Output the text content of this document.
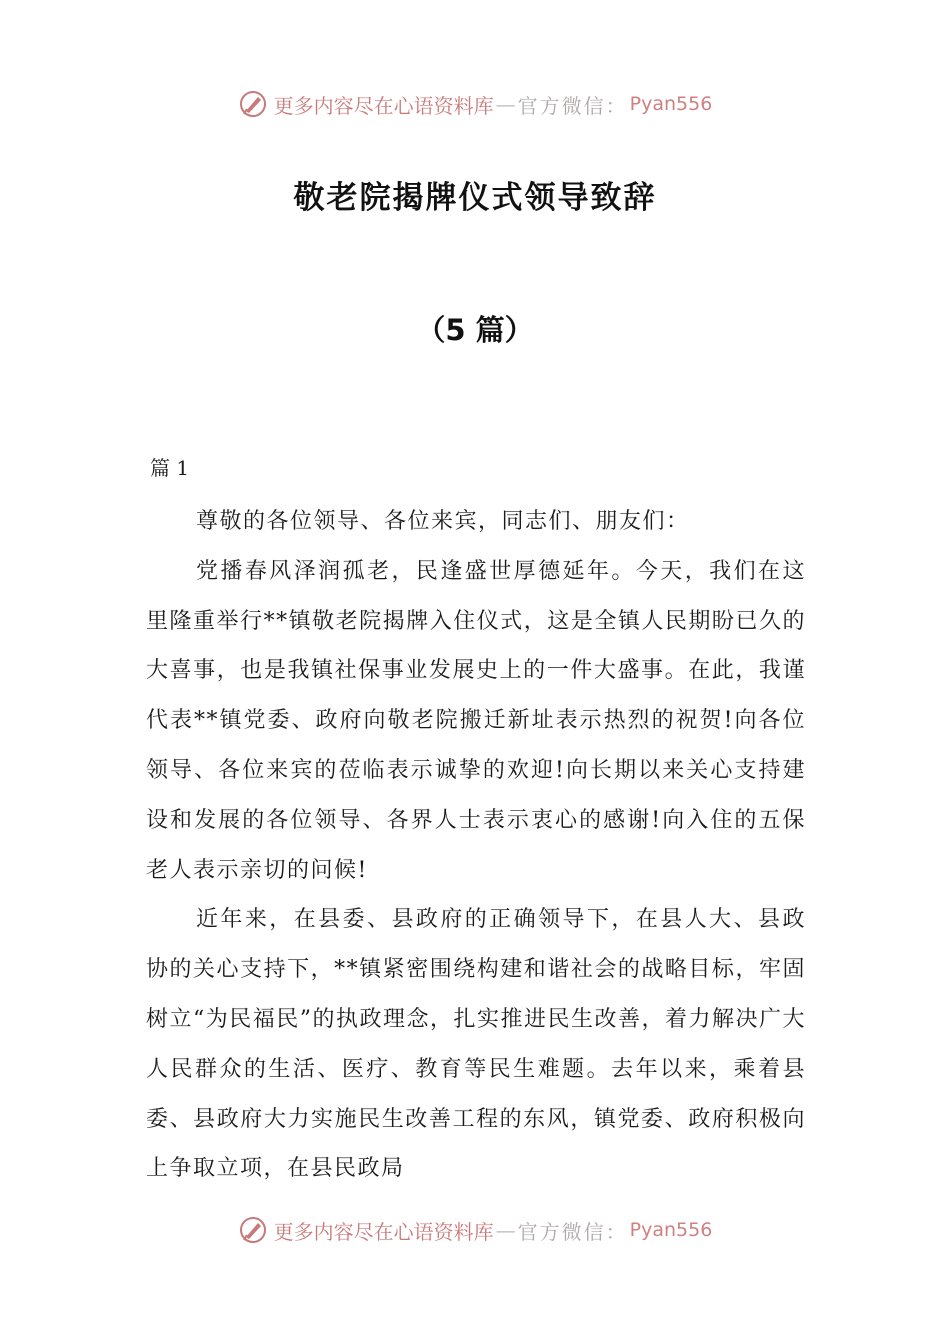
更多内容尽在心语资料库 — 官方微信： Pyan556
敬老院揭牌仪式领导致辞
（5 篇）
篇 1

尊敬的各位领导、各位来宾，同志们、朋友们：

党播春风泽润孤老，民逢盛世厚德延年。今天，我们在这里隆重举行**镇敬老院揭牌入住仪式，这是全镇人民期盼已久的大喜事，也是我镇社保事业发展史上的一件大盛事。在此，我谨代表**镇党委、政府向敬老院搬迁新址表示热烈的祝贺!向各位领导、各位来宾的莅临表示诚挚的欢迎!向长期以来关心支持建设和发展的各位领导、各界人士表示衷心的感谢!向入住的五保老人表示亲切的问候!

近年来，在县委、县政府的正确领导下，在县人大、县政协的关心支持下，**镇紧密围绕构建和谐社会的战略目标，牢固树立“为民福民”的执政理念，扎实推进民生改善，着力解决广大人民群众的生活、医疗、教育等民生难题。去年以来，乘着县委、县政府大力实施民生改善工程的东风，镇党委、政府积极向上争取立项，在县民政局

更多内容尽在心语资料库 — 官方微信： Pyan556
